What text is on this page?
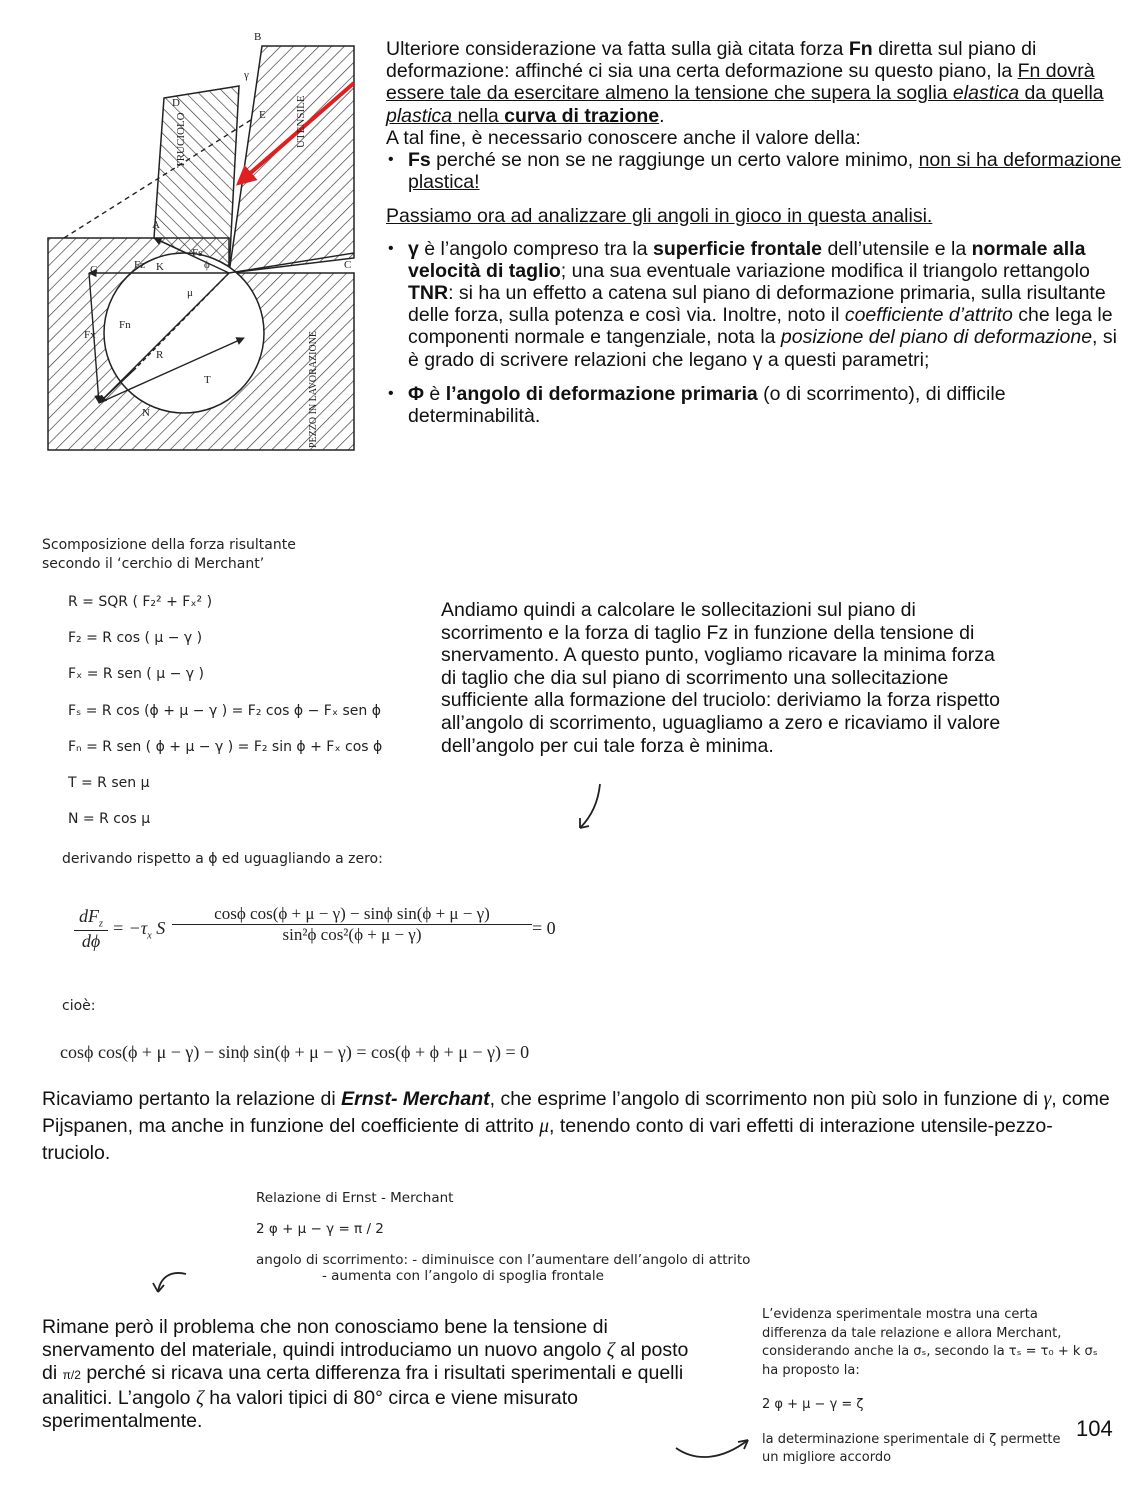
TRUCIOLO	UTENSILE
PEZZO IN LAVORAZIONE
B
D
A
C
E
G
γ
ϕ
Fz
Fx
Fs
Fn
K
R
N
T
μ
Ulteriore considerazione va fatta sulla già citata forza Fn diretta sul piano di deformazione: affinché ci sia una certa deformazione su questo piano, la Fn dovrà essere tale da esercitare almeno la tensione che supera la soglia elastica da quella plastica nella curva di trazione.
A tal fine, è necessario conoscere anche il valore della:
• Fs perché se non se ne raggiunge un certo valore minimo, non si ha deformazione plastica!
Passiamo ora ad analizzare gli angoli in gioco in questa analisi.
• γ è l’angolo compreso tra la superficie frontale dell’utensile e la normale alla velocità di taglio; una sua eventuale variazione modifica il triangolo rettangolo TNR: si ha un effetto a catena sul piano di deformazione primaria, sulla risultante delle forza, sulla potenza e così via. Inoltre, noto il coefficiente d’attrito che lega le componenti normale e tangenziale, nota la posizione del piano di deformazione, si è grado di scrivere relazioni che legano γ a questi parametri;
• Φ è l’angolo di deformazione primaria (o di scorrimento), di difficile determinabilità.
Scomposizione della forza risultante
secondo il ‘cerchio di Merchant’
R = SQR ( F₂² + Fₓ² )
F₂ = R cos ( μ − γ )
Fₓ = R sen ( μ − γ )
Fₛ = R cos (ϕ + μ − γ ) = F₂ cos ϕ − Fₓ sen ϕ
Fₙ = R sen ( ϕ + μ − γ ) = F₂ sin ϕ + Fₓ cos ϕ
T = R sen μ
N = R cos μ
derivando rispetto a ϕ ed uguagliando a zero:
$dF_z$
dϕ
= $-\tau_x$ S
cosϕ cos(ϕ + μ − γ) − sinϕ sin(ϕ + μ − γ)
sin²ϕ cos²(ϕ + μ − γ)	= 0
cioè:
cosϕ cos(ϕ + μ − γ) − sinϕ sin(ϕ + μ − γ) = cos(ϕ + ϕ + μ − γ) = 0
Andiamo quindi a calcolare le sollecitazioni sul piano di scorrimento e la forza di taglio Fz in funzione della tensione di snervamento. A questo punto, vogliamo ricavare la minima forza di taglio che dia sul piano di scorrimento una sollecitazione sufficiente alla formazione del truciolo: deriviamo la forza rispetto all’angolo di scorrimento, uguagliamo a zero e ricaviamo il valore dell’angolo per cui tale forza è minima.
Ricaviamo pertanto la relazione di Ernst- Merchant, che esprime l’angolo di scorrimento non più solo in funzione di γ, come Pijspanen, ma anche in funzione del coefficiente di attrito μ, tenendo conto di vari effetti di interazione utensile-pezzo-truciolo.
Relazione di Ernst - Merchant
2 φ + μ − γ = π / 2
angolo di scorrimento: - diminuisce con l’aumentare dell’angolo di attrito
- aumenta con l’angolo di spoglia frontale
Rimane però il problema che non conosciamo bene la tensione di snervamento del materiale, quindi introduciamo un nuovo angolo ζ al posto di π/2 perché si ricava una certa differenza fra i risultati sperimentali e quelli analitici. L’angolo ζ ha valori tipici di 80° circa e viene misurato sperimentalmente.
L’evidenza sperimentale mostra una certa
differenza da tale relazione e allora Merchant,
considerando anche la σₛ, secondo la τₛ = τ₀ + k σₛ
ha proposto la:
2 φ + μ − γ = ζ
la determinazione sperimentale di ζ permette
un migliore accordo
104
